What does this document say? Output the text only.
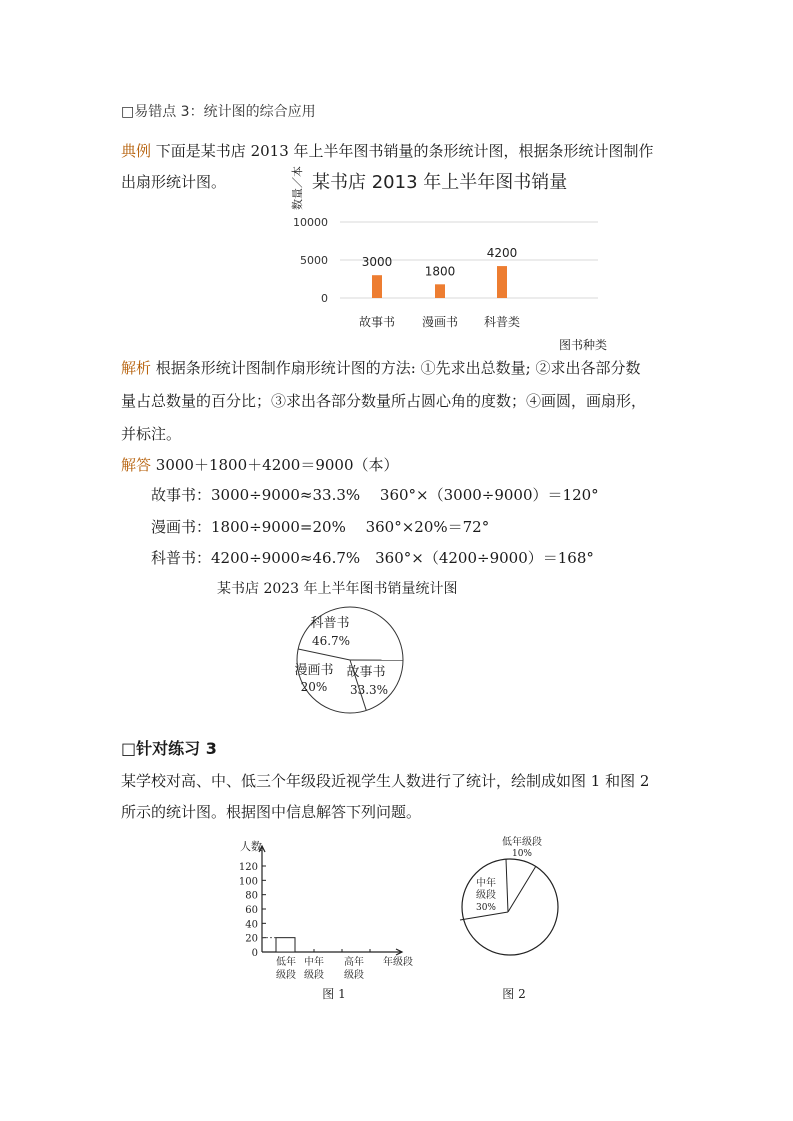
□易错点 3：统计图的综合应用
典例 下面是某书店 2013 年上半年图书销量的条形统计图，根据条形统计图制作
出扇形统计图。	某书店 2013 年上半年图书销量
数量／本
10000
5000
0
3000
1800
4200
故事书 漫画书 科普类
图书种类
解析 根据条形统计图制作扇形统计图的方法: ①先求出总数量; ②求出各部分数
量占总数量的百分比；③求出各部分数量所占圆心角的度数；④画圆，画扇形，
并标注。
解答 3000＋1800＋4200＝9000（本）
故事书：3000÷9000≈33.3%　 360°×（3000÷9000）＝120°
漫画书：1800÷9000=20%　 360°×20%＝72°
科普书：4200÷9000≈46.7%　360°×（4200÷9000）＝168°
某书店 2023 年上半年图书销量统计图
科普书
46.7%
漫画书
20%
故事书
33.3%
□针对练习 3
某学校对高、中、低三个年级段近视学生人数进行了统计，绘制成如图 1 和图 2
所示的统计图。根据图中信息解答下列问题。
人数
0
20
40
60
80
100
120
低年
级段
中年
级段
高年
级段
年级段
图 1
低年级段
10%
中年
级段
30%
图 2
